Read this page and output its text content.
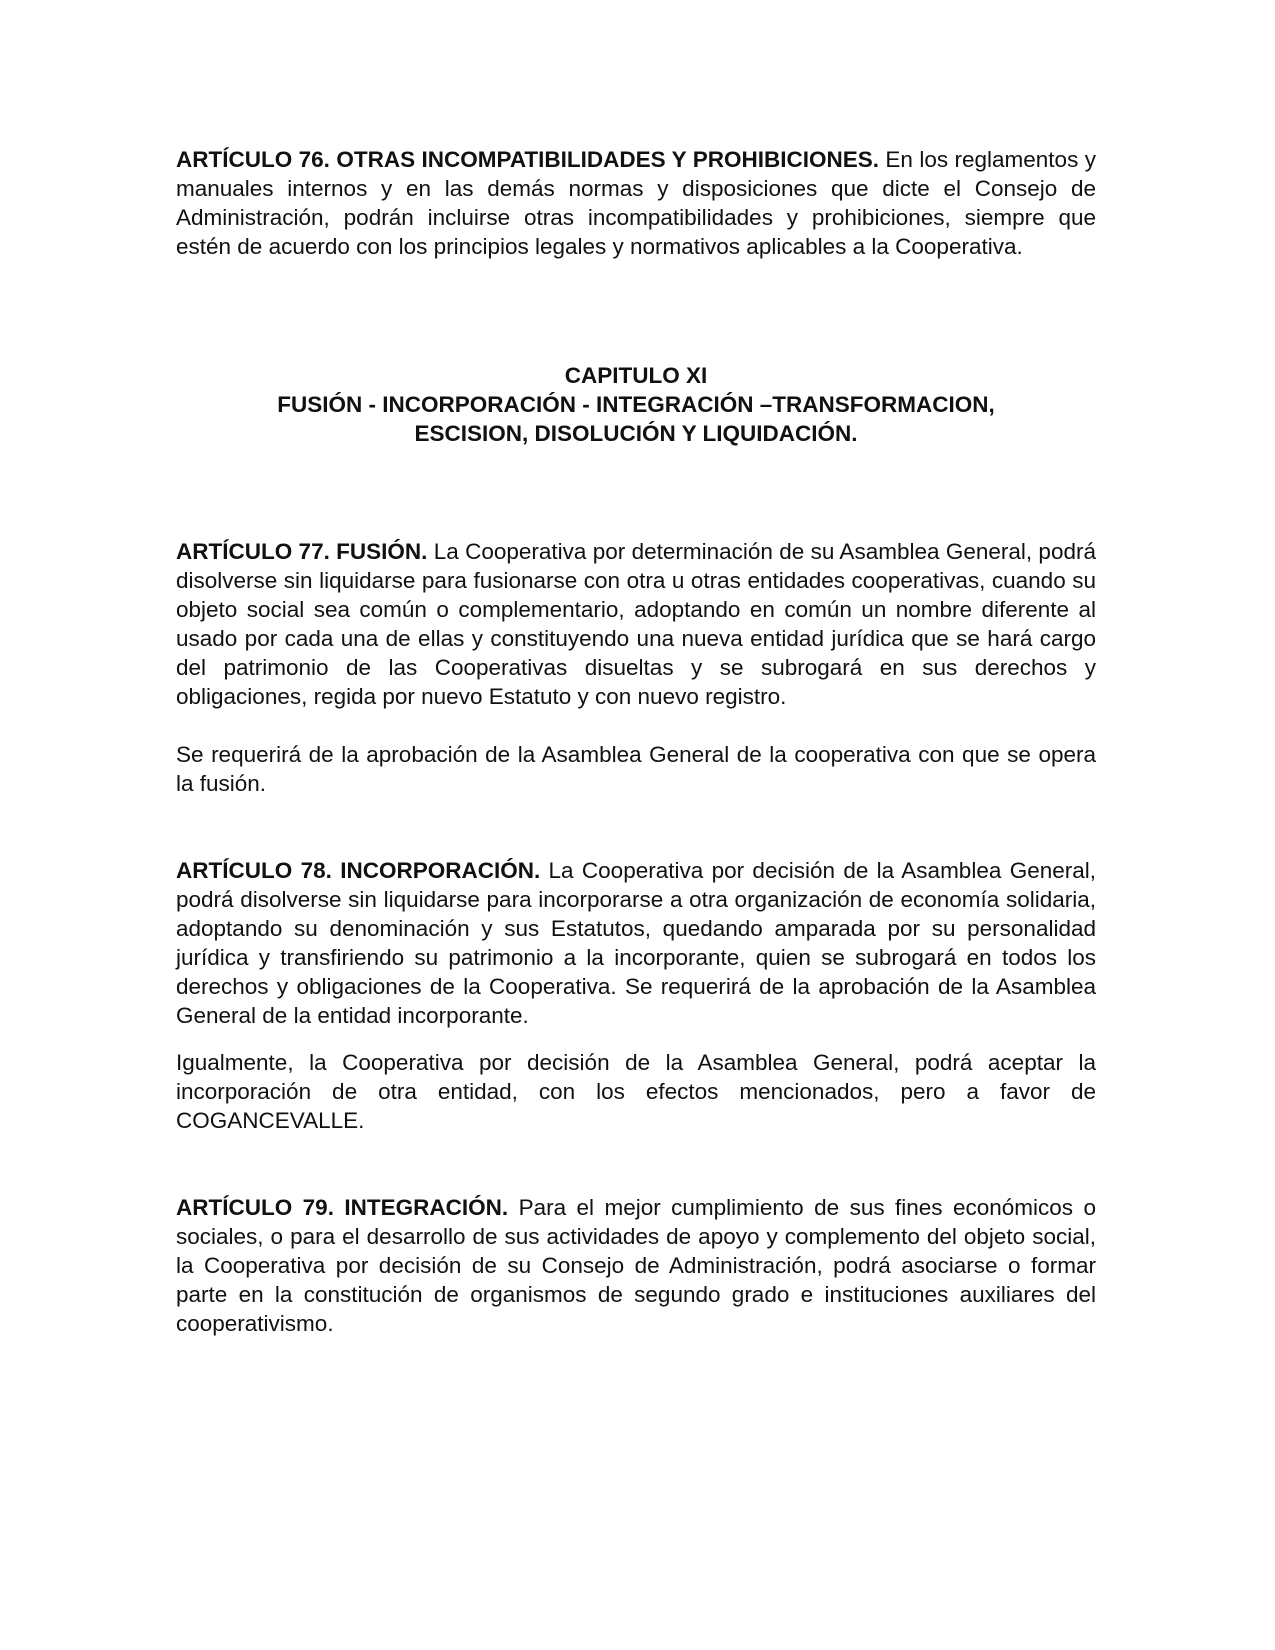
ARTÍCULO 76. OTRAS INCOMPATIBILIDADES Y PROHIBICIONES. En los reglamentos y manuales internos y en las demás normas y disposiciones que dicte el Consejo de Administración, podrán incluirse otras incompatibilidades y prohibiciones, siempre que estén de acuerdo con los principios legales y normativos aplicables a la Cooperativa.

CAPITULO XI
FUSIÓN - INCORPORACIÓN - INTEGRACIÓN –TRANSFORMACION,
ESCISION, DISOLUCIÓN Y LIQUIDACIÓN.

ARTÍCULO 77. FUSIÓN. La Cooperativa por determinación de su Asamblea General, podrá disolverse sin liquidarse para fusionarse con otra u otras entidades cooperativas, cuando su objeto social sea común o complementario, adoptando en común un nombre diferente al usado por cada una de ellas y constituyendo una nueva entidad jurídica que se hará cargo del patrimonio de las Cooperativas disueltas y se subrogará en sus derechos y obligaciones, regida por nuevo Estatuto y con nuevo registro.

Se requerirá de la aprobación de la Asamblea General de la cooperativa con que se opera la fusión.

ARTÍCULO 78. INCORPORACIÓN. La Cooperativa por decisión de la Asamblea General, podrá disolverse sin liquidarse para incorporarse a otra organización de economía solidaria, adoptando su denominación y sus Estatutos, quedando amparada por su personalidad jurídica y transfiriendo su patrimonio a la incorporante, quien se subrogará en todos los derechos y obligaciones de la Cooperativa. Se requerirá de la aprobación de la Asamblea General de la entidad incorporante.

Igualmente, la Cooperativa por decisión de la Asamblea General, podrá aceptar la incorporación de otra entidad, con los efectos mencionados, pero a favor de COGANCEVALLE.

ARTÍCULO 79. INTEGRACIÓN. Para el mejor cumplimiento de sus fines económicos o sociales, o para el desarrollo de sus actividades de apoyo y complemento del objeto social, la Cooperativa por decisión de su Consejo de Administración, podrá asociarse o formar parte en la constitución de organismos de segundo grado e instituciones auxiliares del cooperativismo.
